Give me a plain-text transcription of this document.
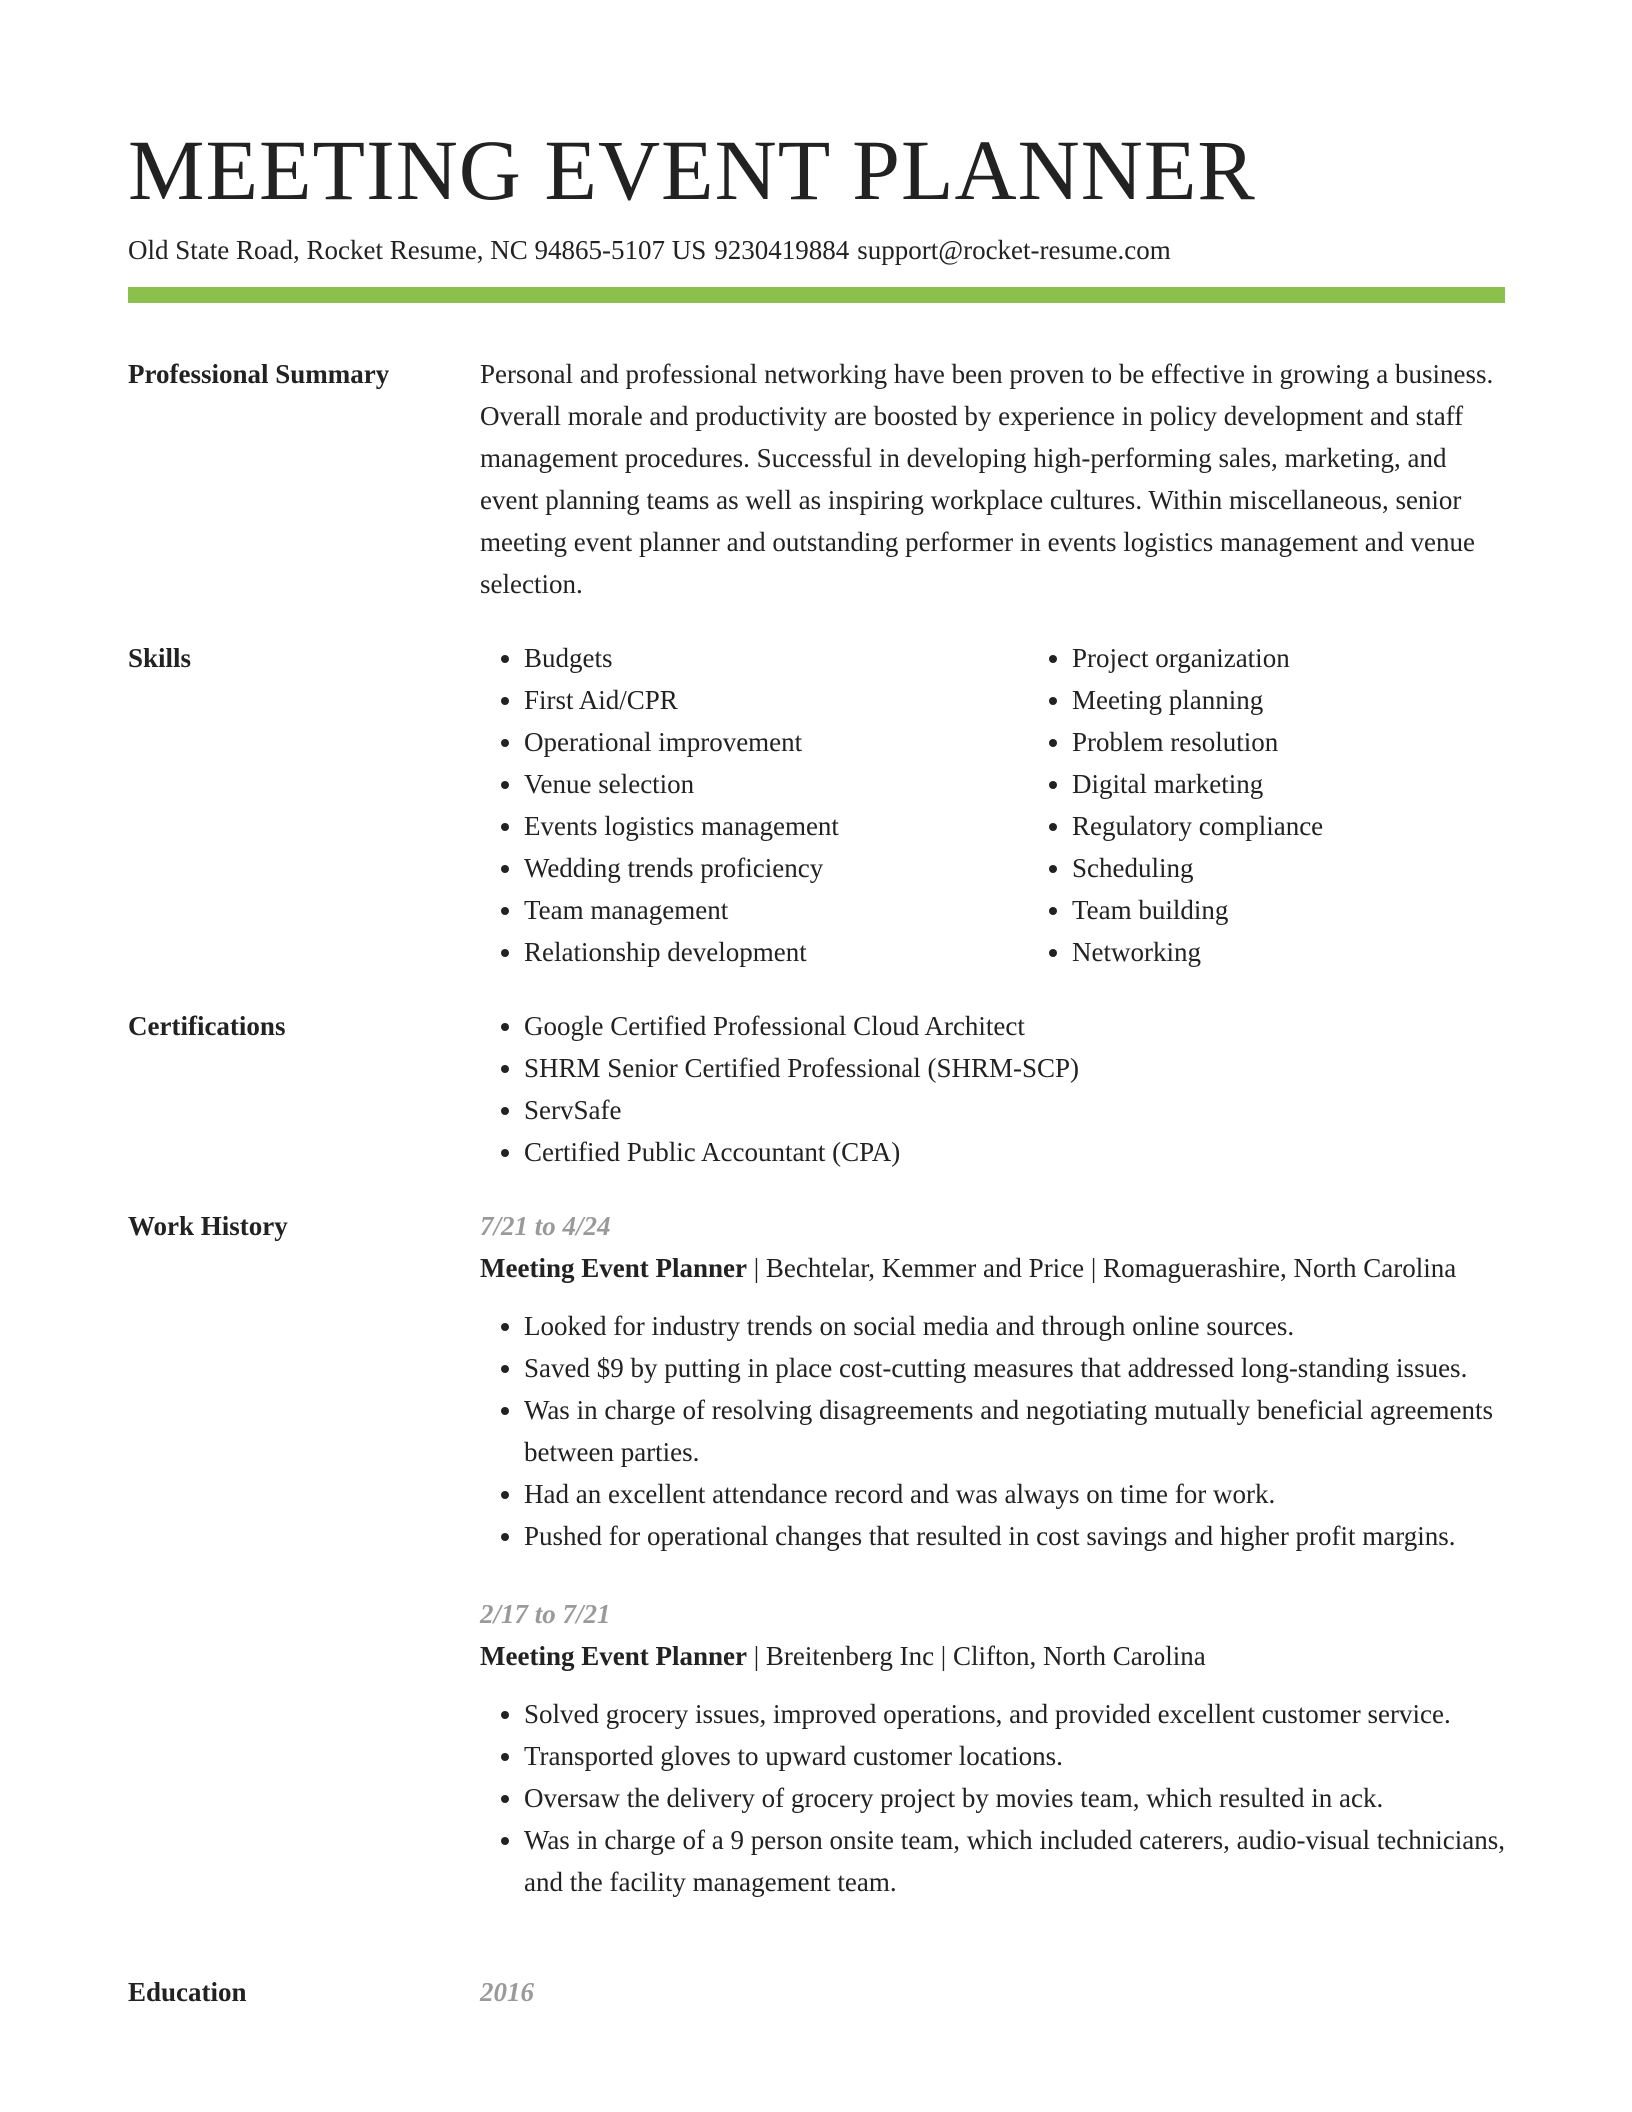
MEETING EVENT PLANNER
Old State Road, Rocket Resume, NC 94865-5107 US 9230419884 support@rocket-resume.com
Professional Summary	Personal and professional networking have been proven to be effective in growing a business. Overall morale and productivity are boosted by experience in policy development and staff management procedures. Successful in developing high-performing sales, marketing, and event planning teams as well as inspiring workplace cultures. Within miscellaneous, senior meeting event planner and outstanding performer in events logistics management and venue selection.
Skills	• Budgets
• First Aid/CPR
• Operational improvement
• Venue selection
• Events logistics management
• Wedding trends proficiency
• Team management
• Relationship development
• Project organization
• Meeting planning
• Problem resolution
• Digital marketing
• Regulatory compliance
• Scheduling
• Team building
• Networking
Certifications	• Google Certified Professional Cloud Architect
• SHRM Senior Certified Professional (SHRM-SCP)
• ServSafe
• Certified Public Accountant (CPA)
Work History	7/21 to 4/24
Meeting Event Planner | Bechtelar, Kemmer and Price | Romaguerashire, North Carolina
• Looked for industry trends on social media and through online sources.
• Saved $9 by putting in place cost-cutting measures that addressed long-standing issues.
• Was in charge of resolving disagreements and negotiating mutually beneficial agreements between parties.
• Had an excellent attendance record and was always on time for work.
• Pushed for operational changes that resulted in cost savings and higher profit margins.
2/17 to 7/21
Meeting Event Planner | Breitenberg Inc | Clifton, North Carolina
• Solved grocery issues, improved operations, and provided excellent customer service.
• Transported gloves to upward customer locations.
• Oversaw the delivery of grocery project by movies team, which resulted in ack.
• Was in charge of a 9 person onsite team, which included caterers, audio-visual technicians, and the facility management team.
Education	2016
